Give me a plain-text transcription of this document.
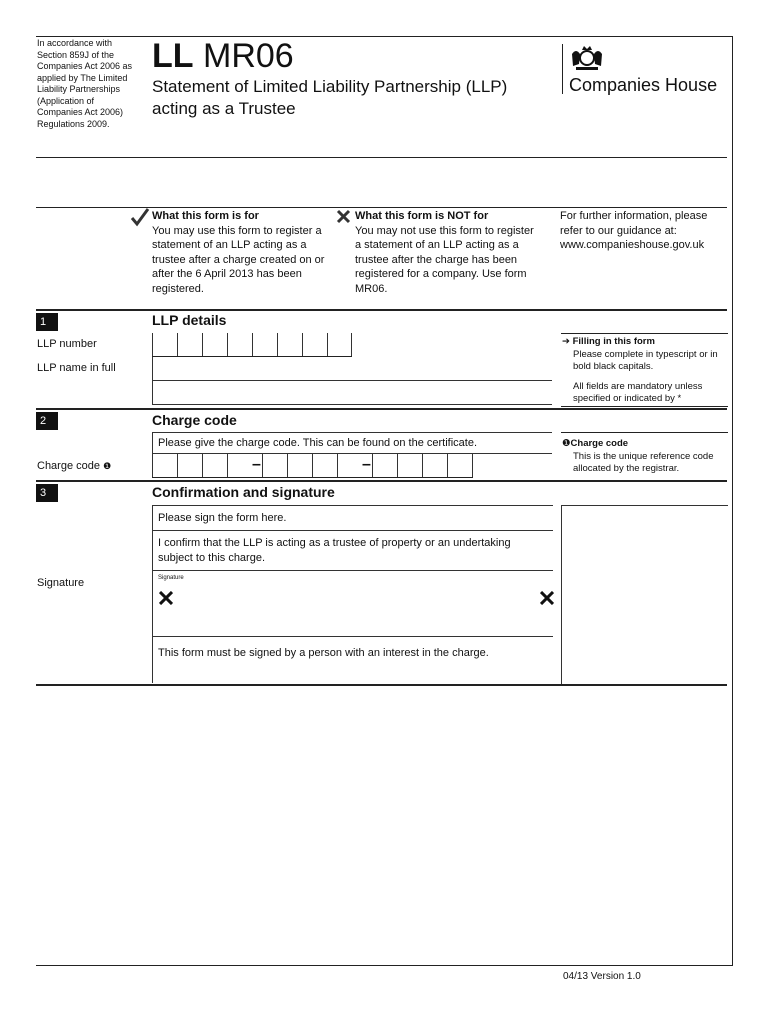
In accordance with Section 859J of the Companies Act 2006 as applied by The Limited Liability Partnerships (Application of Companies Act 2006) Regulations 2009.
LL MR06
Statement of Limited Liability Partnership (LLP)
acting as a Trustee
Companies House
What this form is for
You may use this form to register a statement of an LLP acting as a trustee after a charge created on or after the 6 April 2013 has been registered.
What this form is NOT for
You may not use this form to register a statement of an LLP acting as a trustee after the charge has been registered for a company. Use form MR06.
For further information, please refer to our guidance at: www.companieshouse.gov.uk
1	LLP details
LLP number
LLP name in full
➔ Filling in this form
Please complete in typescript or in bold black capitals.
All fields are mandatory unless specified or indicated by *
2	Charge code
Please give the charge code. This can be found on the certificate.
Charge code ❶	–	–
❶Charge code
This is the unique reference code allocated by the registrar.
3	Confirmation and signature
Please sign the form here.
I confirm that the LLP is acting as a trustee of property or an undertaking subject to this charge.
Signature	Signature
This form must be signed by a person with an interest in the charge.
04/13 Version 1.0
